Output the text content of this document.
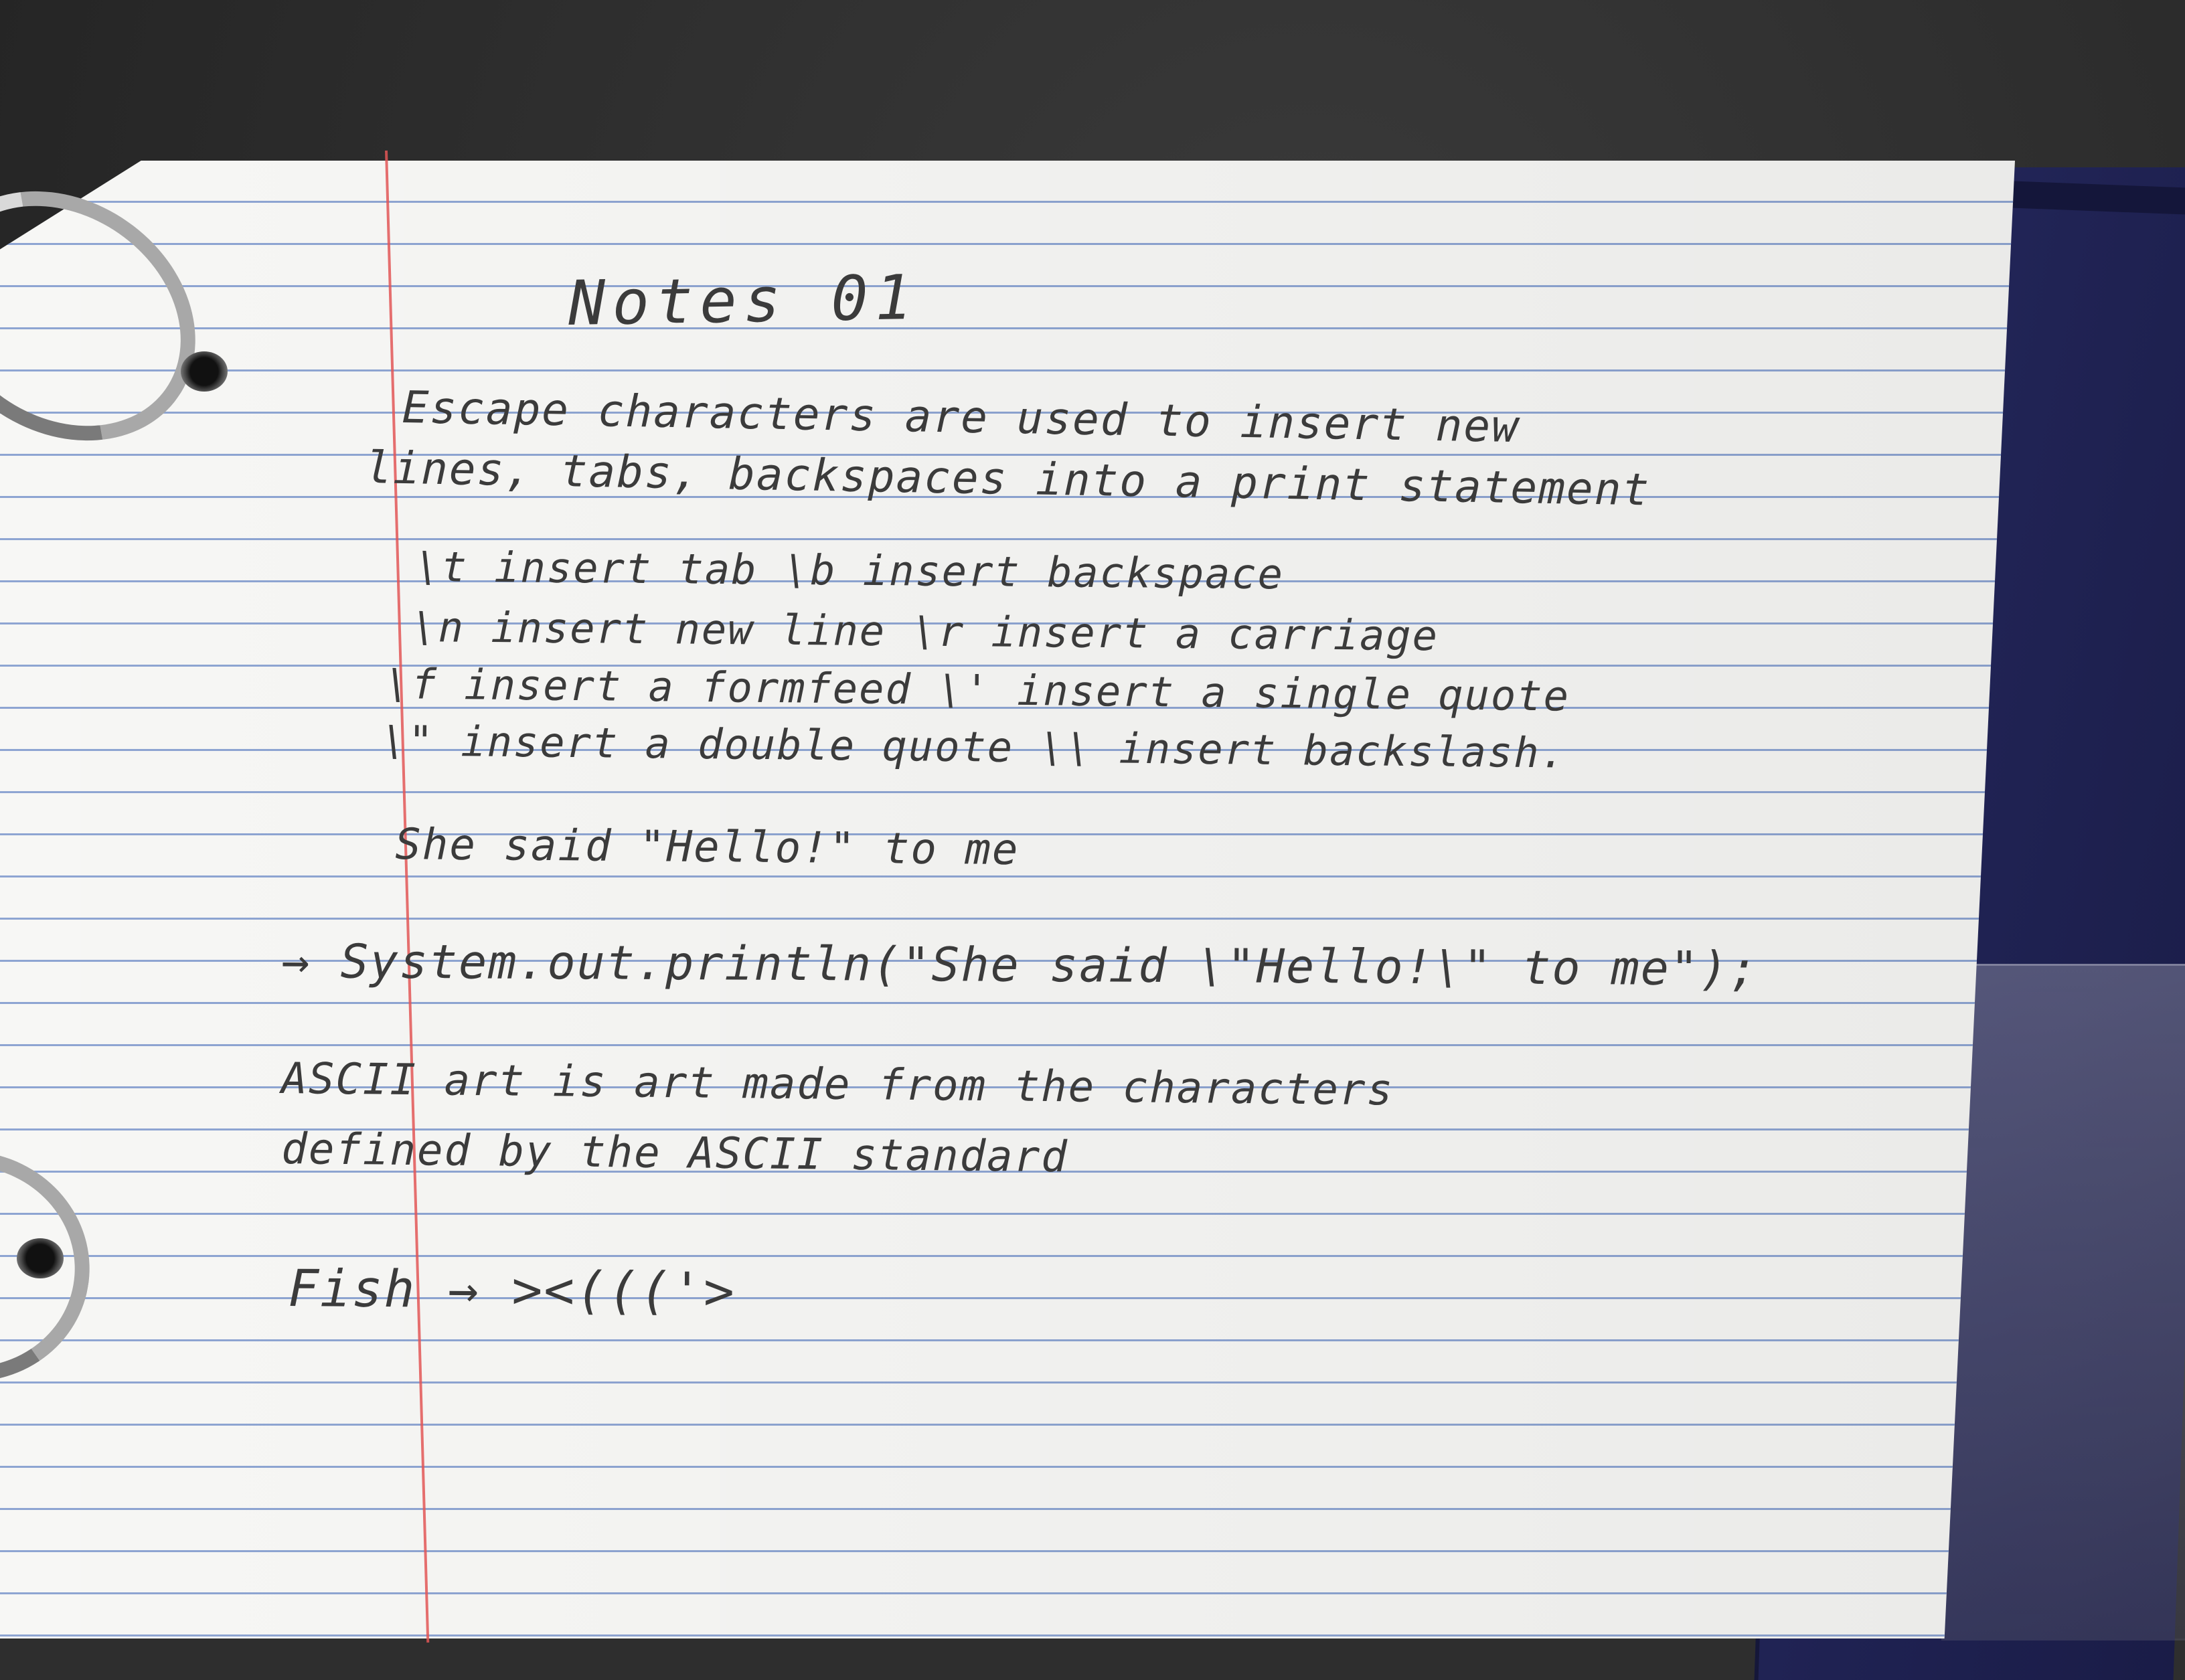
Notes 01
Escape characters are used to insert new
lines, tabs, backspaces into a print statement
\t insert tab \b insert backspace
\n insert new line \r insert a carriage
\f insert a formfeed \' insert a single quote
\" insert a double quote \\ insert backslash.
She said "Hello!" to me
→ System.out.println("She said \"Hello!\" to me");
ASCII art is art made from the characters
defined by the ASCII standard
Fish → ><((('>
